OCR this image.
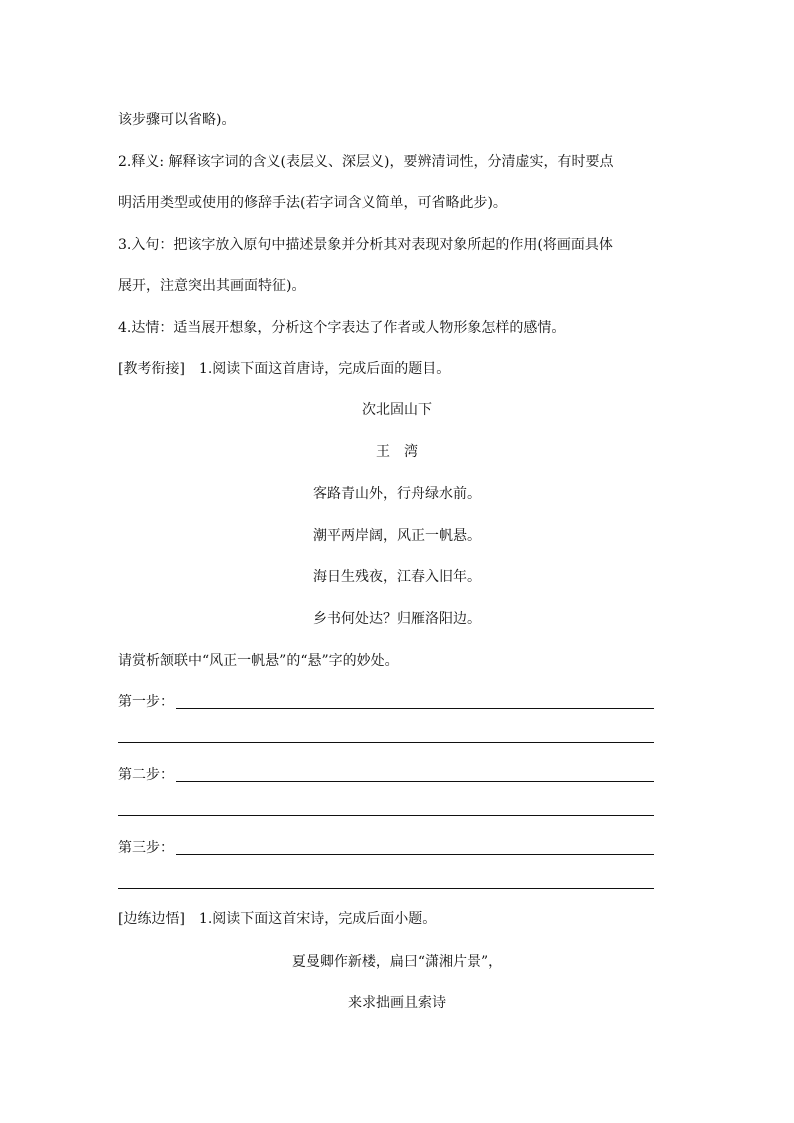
该步骤可以省略)。
2.释义: 解释该字词的含义(表层义、深层义)，要辨清词性，分清虚实，有时要点
明活用类型或使用的修辞手法(若字词含义简单，可省略此步)。
3.入句：把该字放入原句中描述景象并分析其对表现对象所起的作用(将画面具体
展开，注意突出其画面特征)。
4.达情：适当展开想象，分析这个字表达了作者或人物形象怎样的感情。
[教考衔接]　1.阅读下面这首唐诗，完成后面的题目。
次北固山下
王　湾
客路青山外，行舟绿水前。
潮平两岸阔，风正一帆悬。
海日生残夜，江春入旧年。
乡书何处达？归雁洛阳边。
请赏析颔联中“风正一帆悬”的“悬”字的妙处。
第一步：
第二步：
第三步：
[边练边悟]　1.阅读下面这首宋诗，完成后面小题。
夏曼卿作新楼，扁曰“潇湘片景”，
来求拙画且索诗
